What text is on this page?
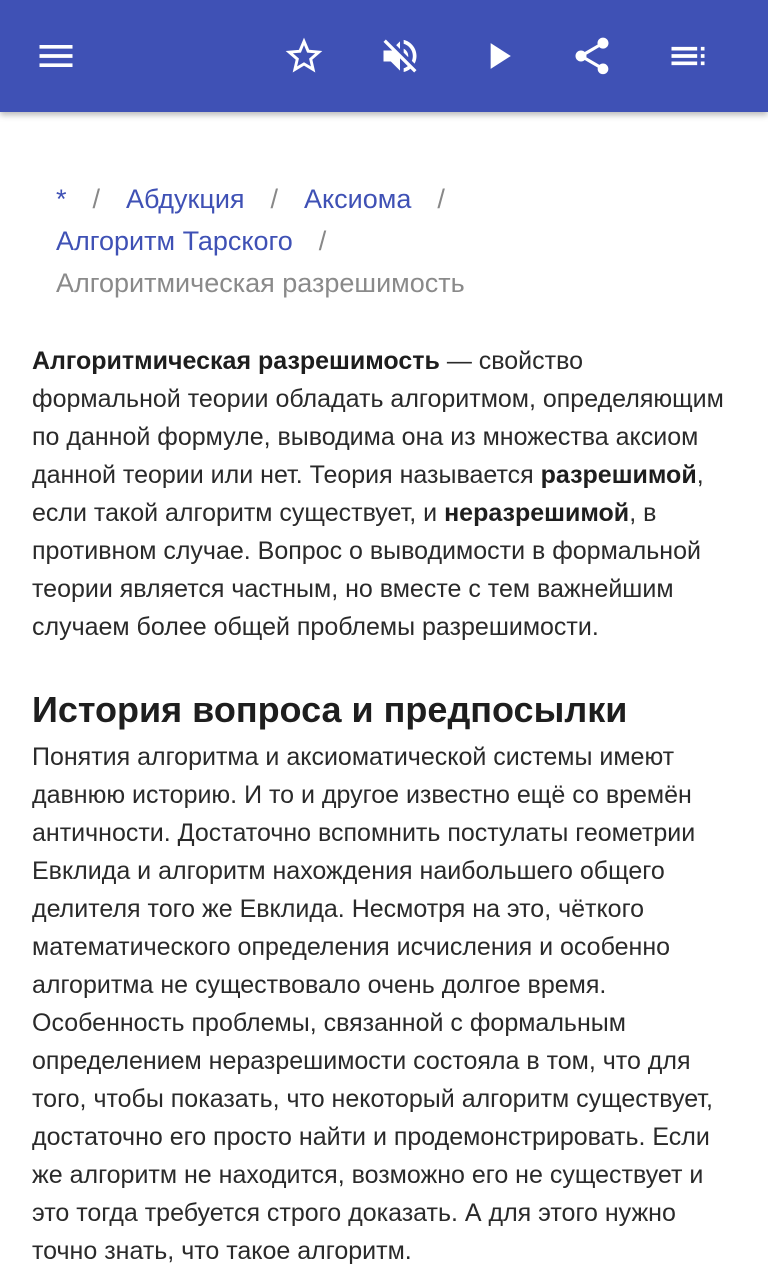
* / Абдукция / Аксиома /
Алгоритм Тарского /
Алгоритмическая разрешимость

Алгоритмическая разрешимость — свойство формальной теории обладать алгоритмом, определяющим по данной формуле, выводима она из множества аксиом данной теории или нет. Теория называется разрешимой, если такой алгоритм существует, и неразрешимой, в противном случае. Вопрос о выводимости в формальной теории является частным, но вместе с тем важнейшим случаем более общей проблемы разрешимости.

История вопроса и предпосылки

Понятия алгоритма и аксиоматической системы имеют давнюю историю. И то и другое известно ещё со времён античности. Достаточно вспомнить постулаты геометрии Евклида и алгоритм нахождения наибольшего общего делителя того же Евклида. Несмотря на это, чёткого математического определения исчисления и особенно алгоритма не существовало очень долгое время. Особенность проблемы, связанной с формальным определением неразрешимости состояла в том, что для того, чтобы показать, что некоторый алгоритм существует, достаточно его просто найти и продемонстрировать. Если же алгоритм не находится, возможно его не существует и это тогда требуется строго доказать. А для этого нужно точно знать, что такое алгоритм.
